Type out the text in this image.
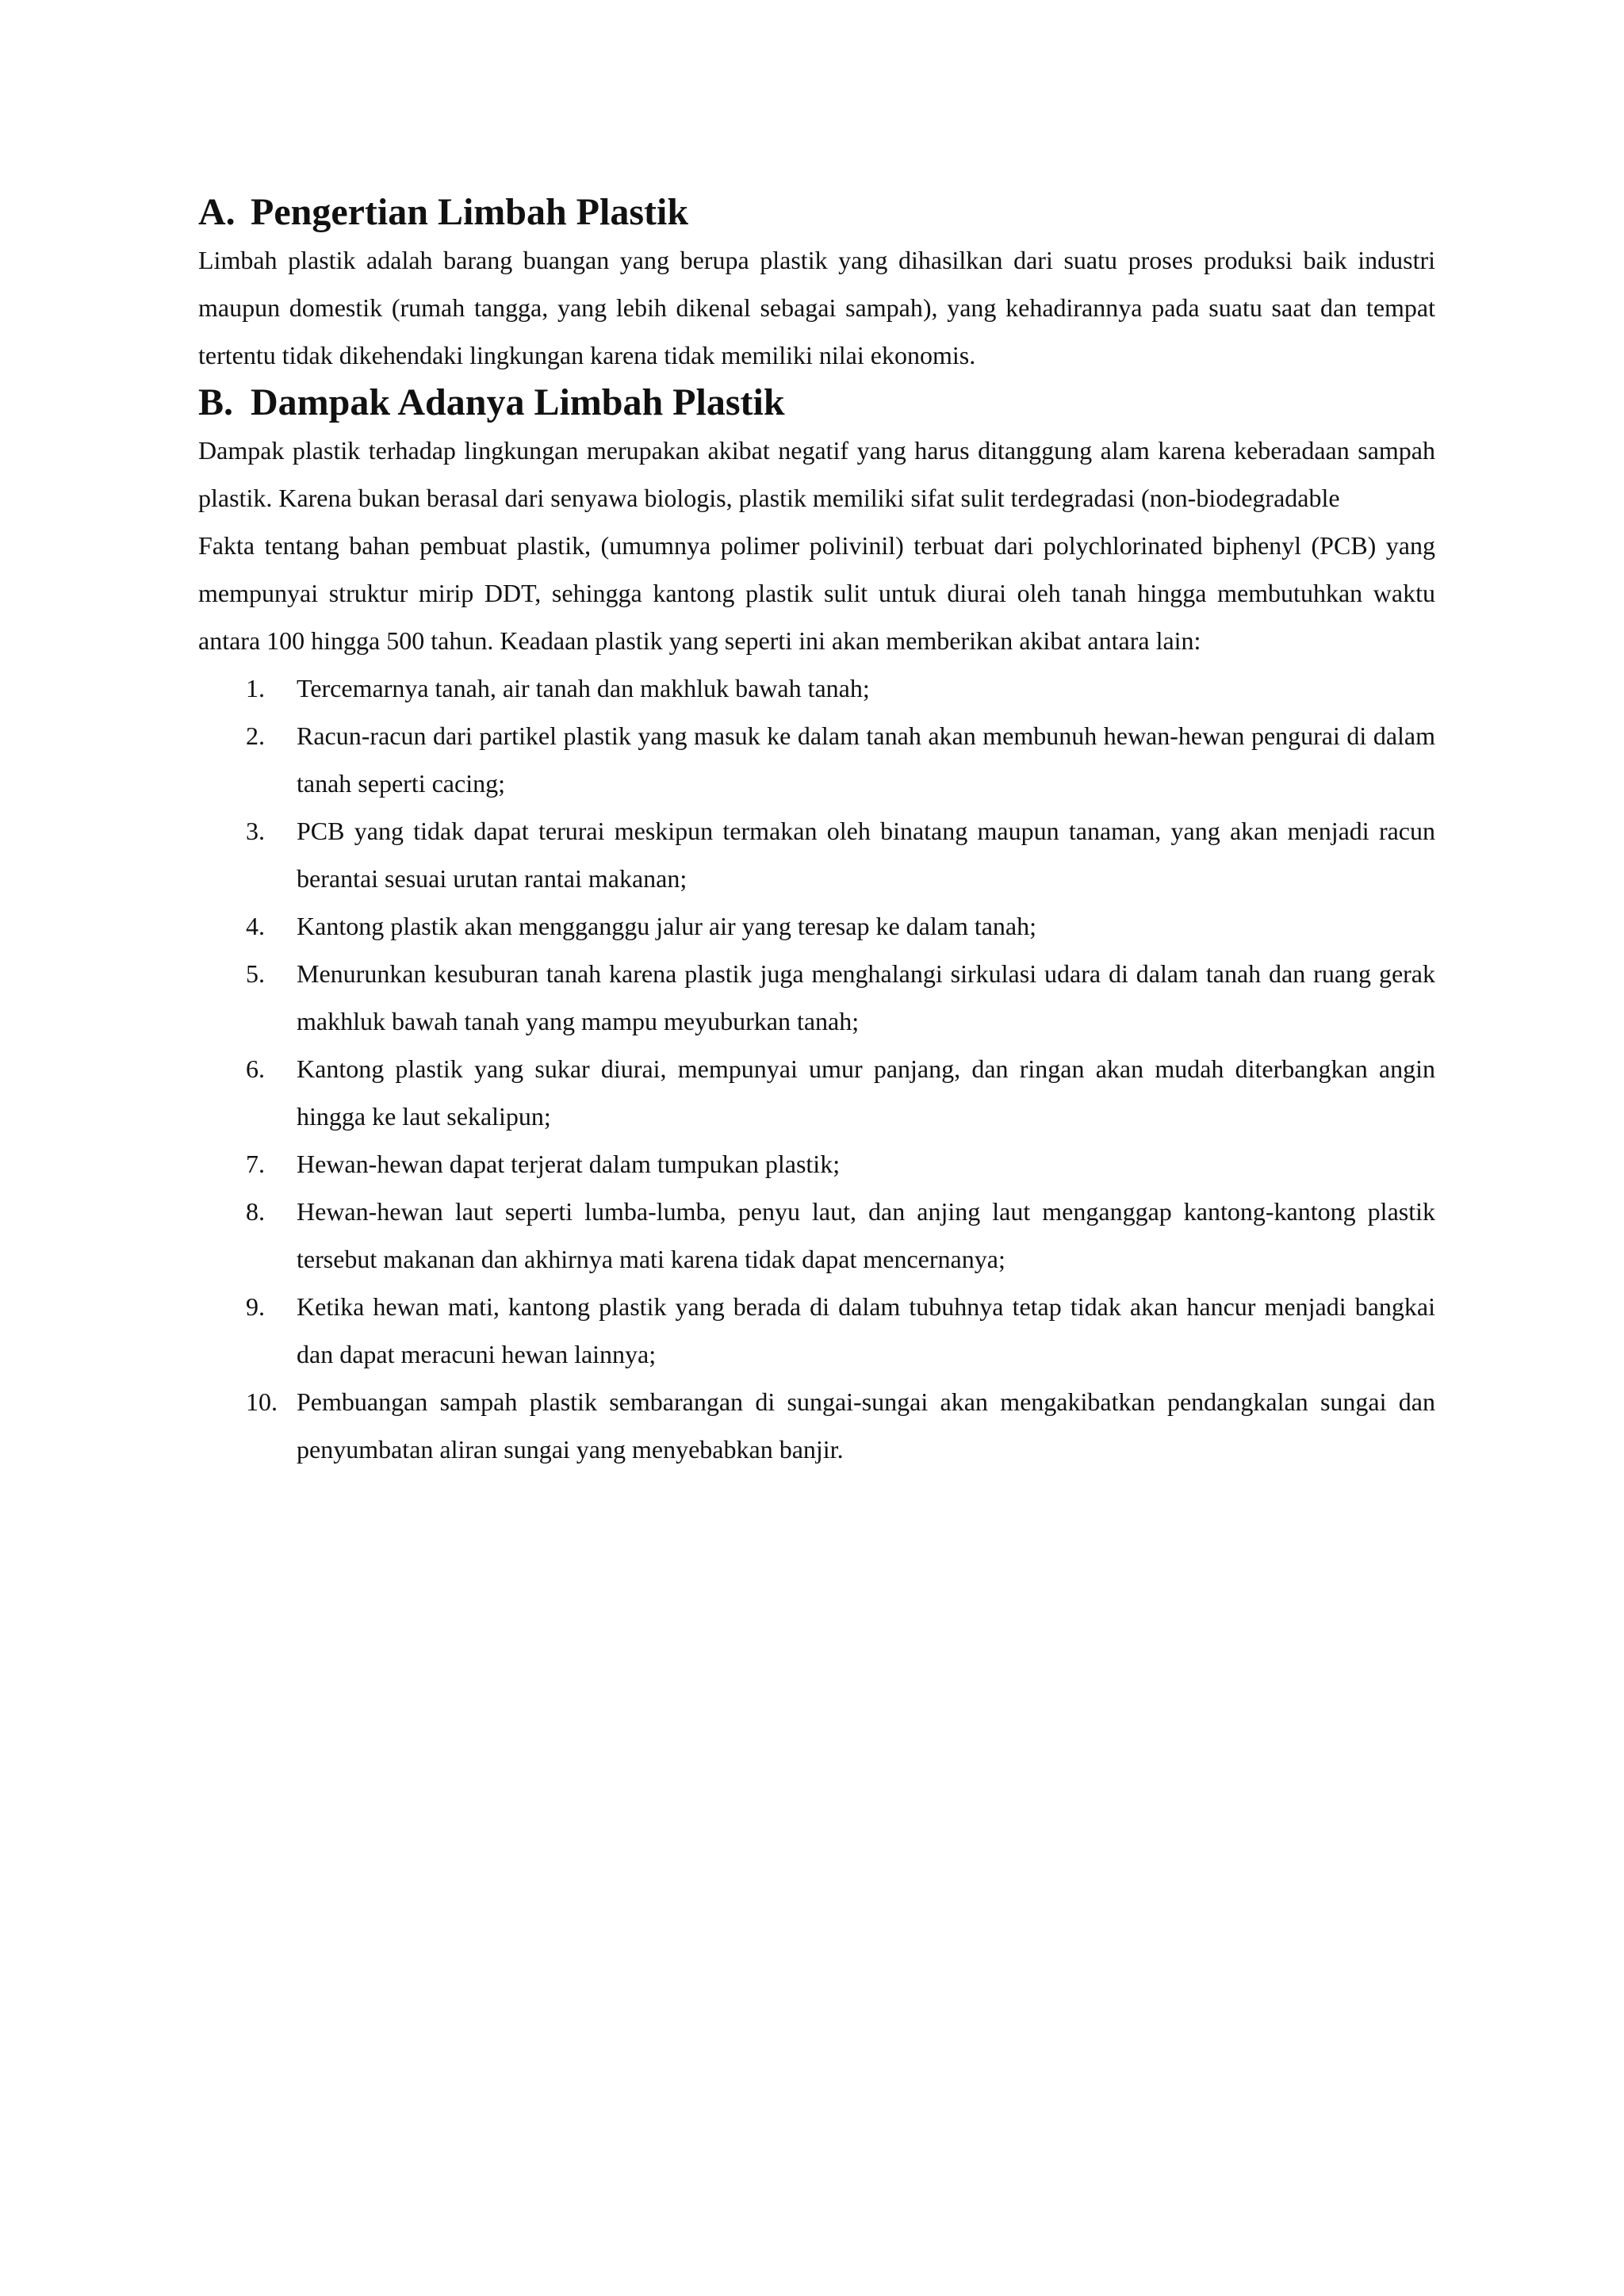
A. Pengertian Limbah Plastik

Limbah plastik adalah barang buangan yang berupa plastik yang dihasilkan dari suatu proses produksi baik industri maupun domestik (rumah tangga, yang lebih dikenal sebagai sampah), yang kehadirannya pada suatu saat dan tempat tertentu tidak dikehendaki lingkungan karena tidak memiliki nilai ekonomis.

B. Dampak Adanya Limbah Plastik

Dampak plastik terhadap lingkungan merupakan akibat negatif yang harus ditanggung alam karena keberadaan sampah plastik. Karena bukan berasal dari senyawa biologis, plastik memiliki sifat sulit terdegradasi (non-biodegradable

Fakta tentang bahan pembuat plastik, (umumnya polimer polivinil) terbuat dari polychlorinated biphenyl (PCB) yang mempunyai struktur mirip DDT, sehingga kantong plastik sulit untuk diurai oleh tanah hingga membutuhkan waktu antara 100 hingga 500 tahun. Keadaan plastik yang seperti ini akan memberikan akibat antara lain:

1.	Tercemarnya tanah, air tanah dan makhluk bawah tanah;
2.	Racun-racun dari partikel plastik yang masuk ke dalam tanah akan membunuh hewan-hewan pengurai di dalam tanah seperti cacing;
3.	PCB yang tidak dapat terurai meskipun termakan oleh binatang maupun tanaman, yang akan menjadi racun berantai sesuai urutan rantai makanan;
4.	Kantong plastik akan mengganggu jalur air yang teresap ke dalam tanah;
5.	Menurunkan kesuburan tanah karena plastik juga menghalangi sirkulasi udara di dalam tanah dan ruang gerak makhluk bawah tanah yang mampu meyuburkan tanah;
6.	Kantong plastik yang sukar diurai, mempunyai umur panjang, dan ringan akan mudah diterbangkan angin hingga ke laut sekalipun;
7.	Hewan-hewan dapat terjerat dalam tumpukan plastik;
8.	Hewan-hewan laut seperti lumba-lumba, penyu laut, dan anjing laut menganggap kantong-kantong plastik tersebut makanan dan akhirnya mati karena tidak dapat mencernanya;
9.	Ketika hewan mati, kantong plastik yang berada di dalam tubuhnya tetap tidak akan hancur menjadi bangkai dan dapat meracuni hewan lainnya;
10. Pembuangan sampah plastik sembarangan di sungai-sungai akan mengakibatkan pendangkalan sungai dan penyumbatan aliran sungai yang menyebabkan banjir.
